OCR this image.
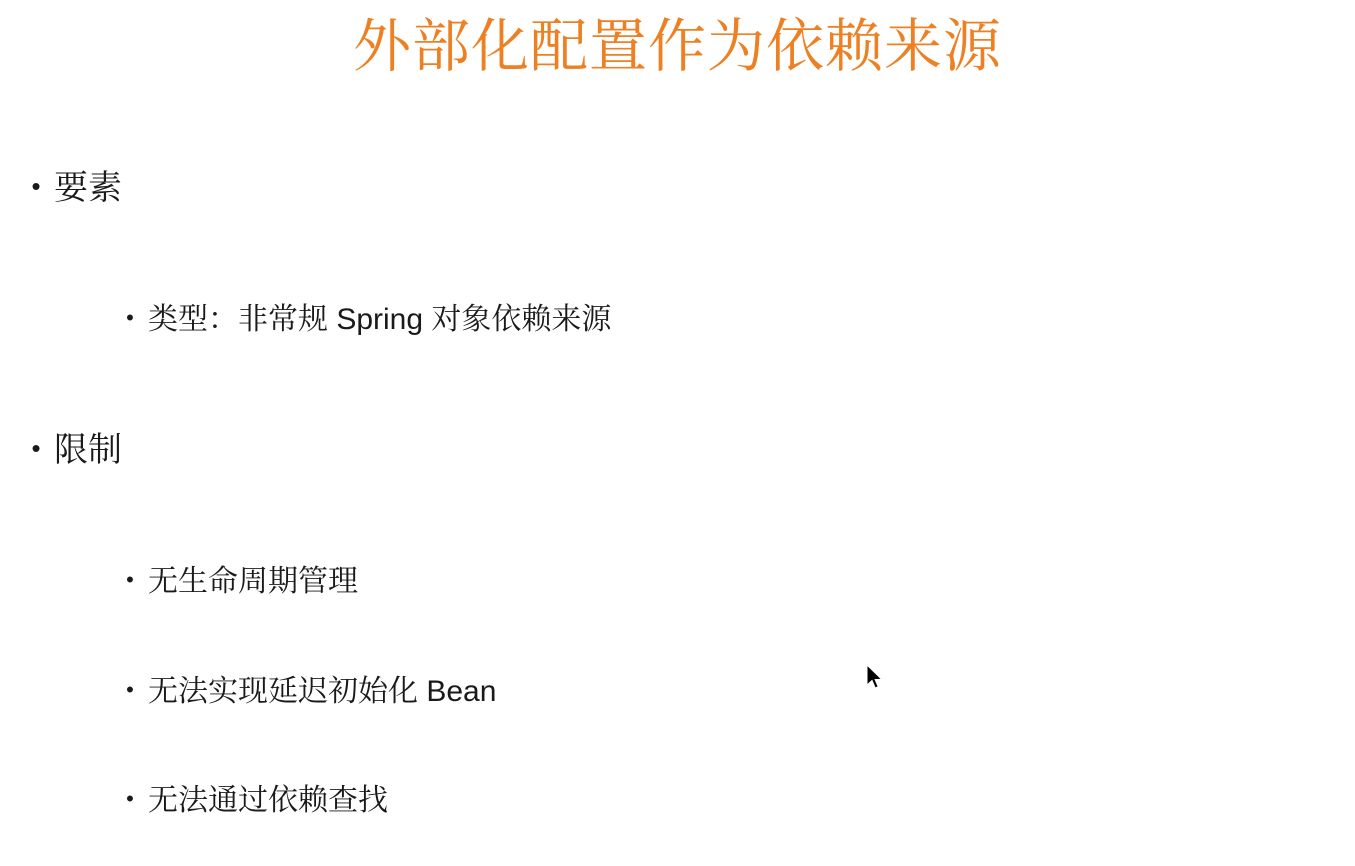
外部化配置作为依赖来源
• 要素
• 类型：非常规 Spring 对象依赖来源
• 限制
• 无生命周期管理
• 无法实现延迟初始化 Bean
• 无法通过依赖查找
